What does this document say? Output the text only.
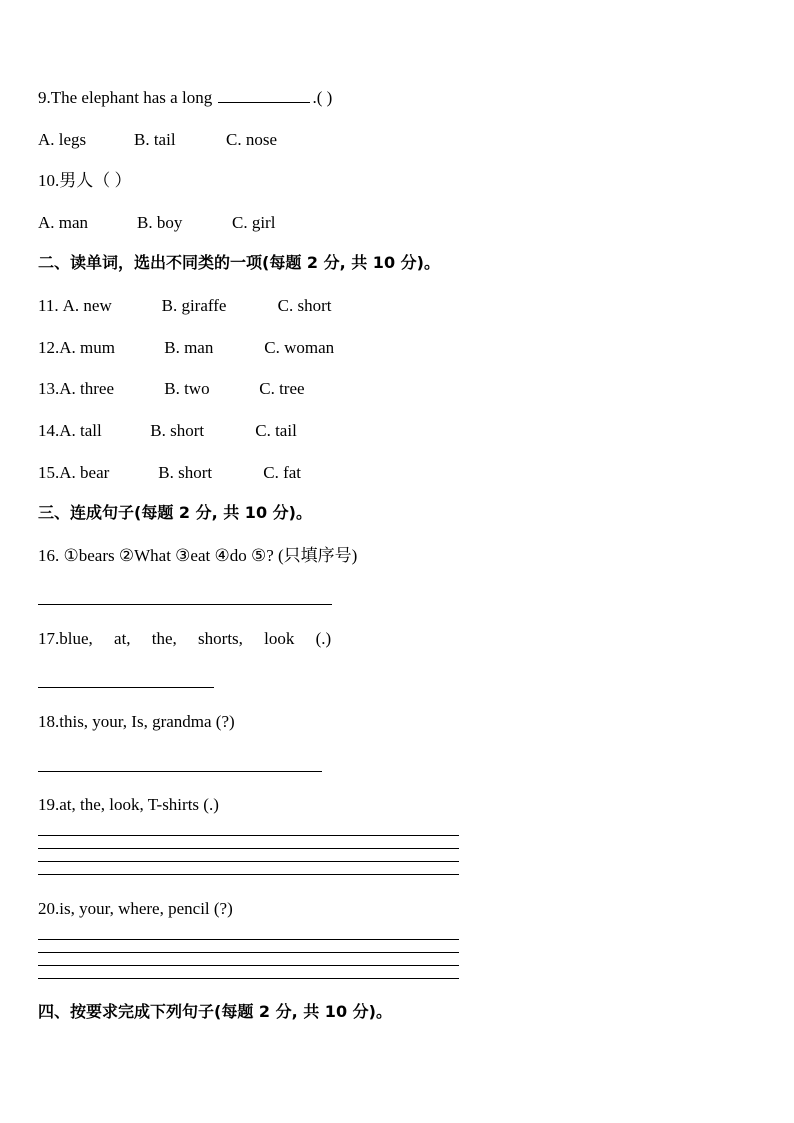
9.The elephant has a long	.( )
A. legs	B. tail	C. nose
10.男人（ ）
A. man	B. boy	C. girl
二、读单词，选出不同类的一项(每题 2 分, 共 10 分)。
11. A. new	B. giraffe	C. short
12.A. mum	B. man	C. woman
13.A. three	B. two	C. tree
14.A. tall	B. short	C. tail
15.A. bear	B. short	C. fat
三、连成句子(每题 2 分, 共 10 分)。
16. ①bears ②What ③eat ④do ⑤? (只填序号)
17.blue,     at,     the,     shorts,     look     (.)
18.this, your, Is, grandma (?)
19.at, the, look, T-shirts (.)
20.is, your, where, pencil (?)
四、按要求完成下列句子(每题 2 分, 共 10 分)。
